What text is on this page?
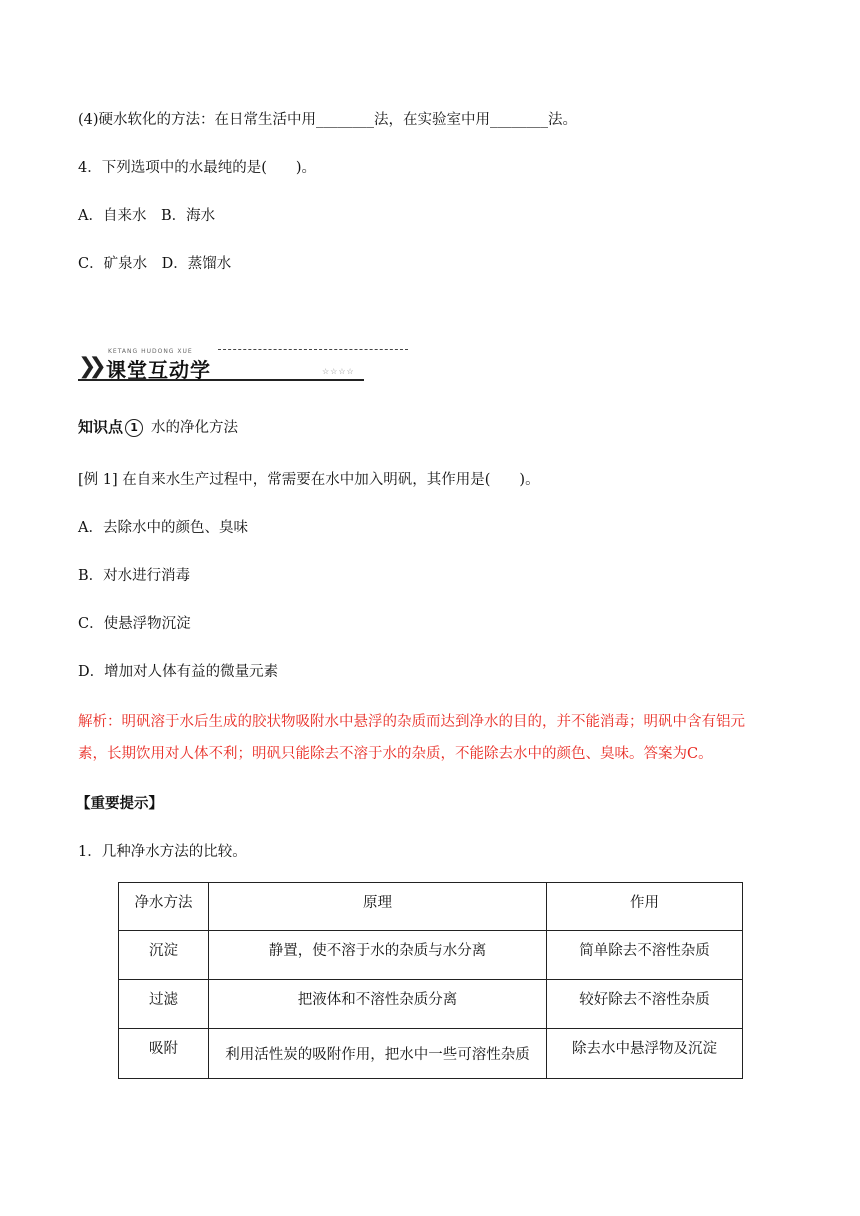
(4)硬水软化的方法：在日常生活中用________法，在实验室中用________法。
4．下列选项中的水最纯的是(　　)。
A．自来水　B．海水
C．矿泉水　D．蒸馏水
❯❯
KETANG HUDONG XUE
课堂互动学	☆☆☆☆
知识点 1 水的净化方法
[例 1] 在自来水生产过程中，常需要在水中加入明矾，其作用是(　　)。
A．去除水中的颜色、臭味
B．对水进行消毒
C．使悬浮物沉淀
D．增加对人体有益的微量元素
解析：明矾溶于水后生成的胶状物吸附水中悬浮的杂质而达到净水的目的，并不能消毒；明矾中含有铝元
素，长期饮用对人体不利；明矾只能除去不溶于水的杂质，不能除去水中的颜色、臭味。答案为C。
【重要提示】
1．几种净水方法的比较。
净水方法	原理	作用

沉淀	静置，使不溶于水的杂质与水分离	简单除去不溶性杂质

过滤	把液体和不溶性杂质分离	较好除去不溶性杂质

吸附	利用活性炭的吸附作用，把水中一些可溶性杂质	除去水中悬浮物及沉淀
